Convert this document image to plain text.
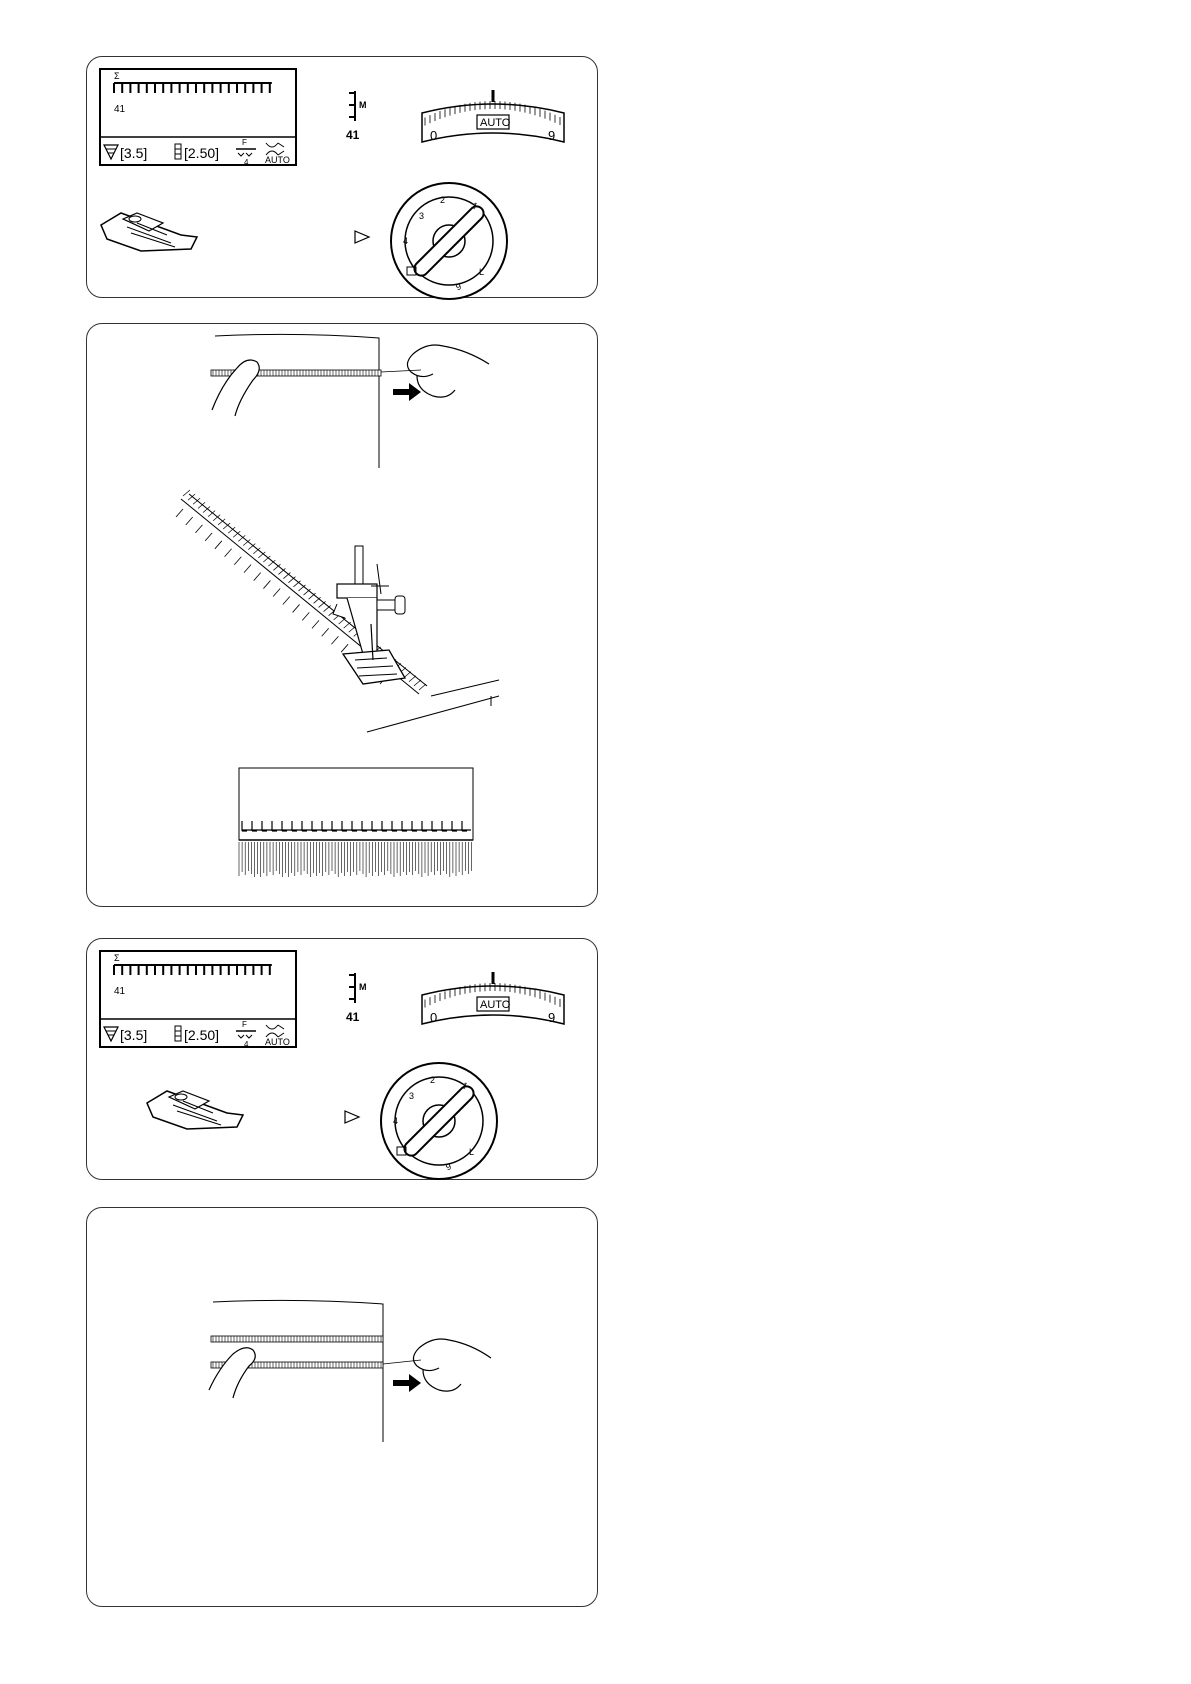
Σ
41
[3.5]	[2.50]
F
4 AUTO
M
41
AUTO
0	9
2
1
3
4
L
6
Σ
41
[3.5]	[2.50]
F
4 AUTO
M
41
AUTO
0	9
2
1
3
4
L
6
